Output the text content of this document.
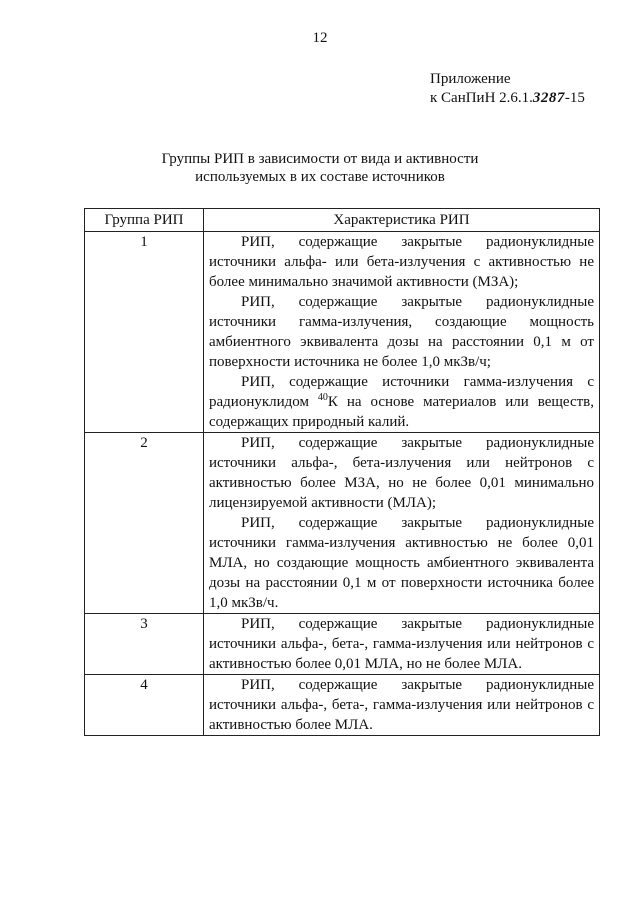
12
Приложение
к СанПиН 2.6.1.3287-15
Группы РИП в зависимости от вида и активности
используемых в их составе источников
Группа РИП	Характеристика РИП
1	РИП, содержащие закрытые радионуклидные источники альфа- или бета-излучения с активностью не более минимально значимой активности (МЗА);

РИП, содержащие закрытые радионуклидные источники гамма-излучения, создающие мощность амбиентного эквивалента дозы на расстоянии 0,1 м от поверхности источника не более 1,0 мкЗв/ч;

РИП, содержащие источники гамма-излучения с радионуклидом $^{40}$К на основе материалов или веществ, содержащих природный калий.

2	РИП, содержащие закрытые радионуклидные источники альфа-, бета-излучения или нейтронов с активностью более МЗА, но не более 0,01 минимально лицензируемой активности (МЛА);

РИП, содержащие закрытые радионуклидные источники гамма-излучения активностью не более 0,01 МЛА, но создающие мощность амбиентного эквивалента дозы на расстоянии 0,1 м от поверхности источника более 1,0 мкЗв/ч.

3	РИП, содержащие закрытые радионуклидные источники альфа-, бета-, гамма-излучения или нейтронов с активностью более 0,01 МЛА, но не более МЛА.

4	РИП, содержащие закрытые радионуклидные источники альфа-, бета-, гамма-излучения или нейтронов с активностью более МЛА.
